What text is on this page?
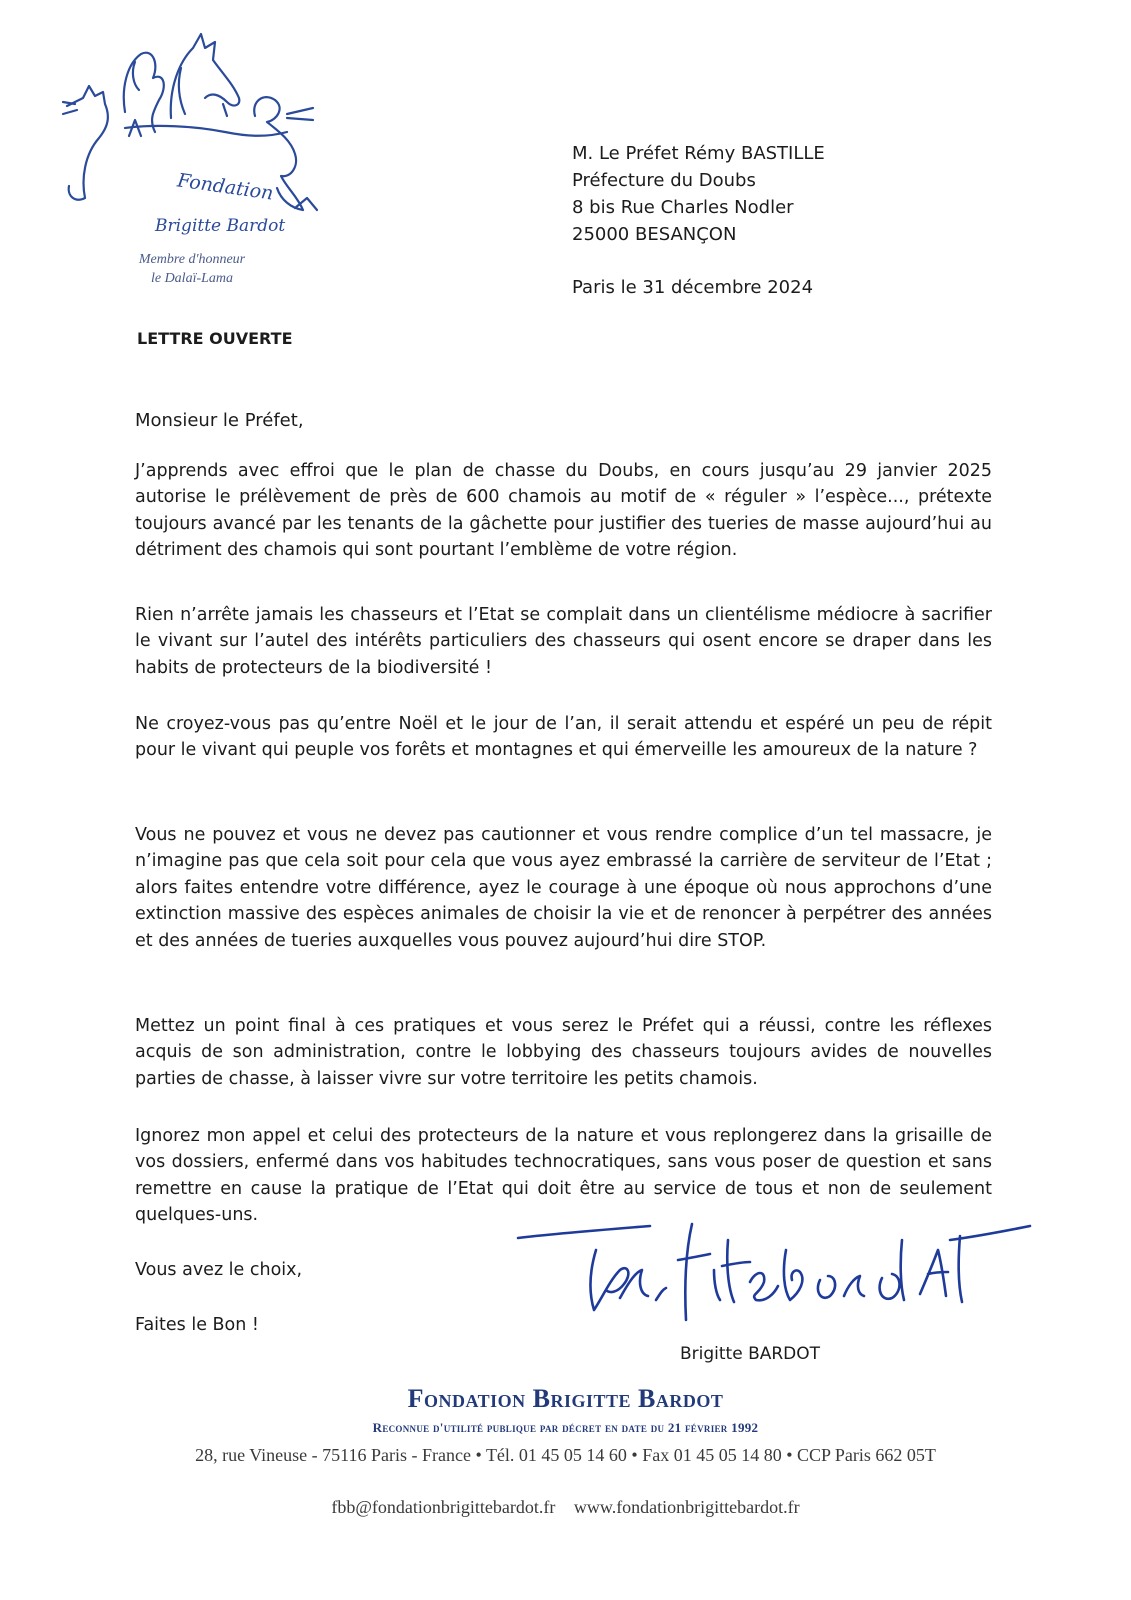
Fondation
Brigitte Bardot
Membre d'honneur
le Dalaï-Lama
M. Le Préfet Rémy BASTILLE
Préfecture du Doubs
8 bis Rue Charles Nodler
25000 BESANÇON
Paris le 31 décembre 2024
LETTRE OUVERTE
Monsieur le Préfet,

J’apprends avec effroi que le plan de chasse du Doubs, en cours jusqu’au 29 janvier 2025 autorise le prélèvement de près de 600 chamois au motif de « réguler » l’espèce..., prétexte toujours avancé par les tenants de la gâchette pour justifier des tueries de masse aujourd’hui au détriment des chamois qui sont pourtant l’emblème de votre région.

Rien n’arrête jamais les chasseurs et l’Etat se complait dans un clientélisme médiocre à sacrifier le vivant sur l’autel des intérêts particuliers des chasseurs qui osent encore se draper dans les habits de protecteurs de la biodiversité !

Ne croyez-vous pas qu’entre Noël et le jour de l’an, il serait attendu et espéré un peu de répit pour le vivant qui peuple vos forêts et montagnes et qui émerveille les amoureux de la nature ?

Vous ne pouvez et vous ne devez pas cautionner et vous rendre complice d’un tel massacre, je n’imagine pas que cela soit pour cela que vous ayez embrassé la carrière de serviteur de l’Etat ; alors faites entendre votre différence, ayez le courage à une époque où nous approchons d’une extinction massive des espèces animales de choisir la vie et de renoncer à perpétrer des années et des années de tueries auxquelles vous pouvez aujourd’hui dire STOP.

Mettez un point final à ces pratiques et vous serez le Préfet qui a réussi, contre les réflexes acquis de son administration, contre le lobbying des chasseurs toujours avides de nouvelles parties de chasse, à laisser vivre sur votre territoire les petits chamois.

Ignorez mon appel et celui des protecteurs de la nature et vous replongerez dans la grisaille de vos dossiers, enfermé dans vos habitudes technocratiques, sans vous poser de question et sans remettre en cause la pratique de l’Etat qui doit être au service de tous et non de seulement quelques-uns.

Vous avez le choix,
Faites le Bon !
Brigitte BARDOT
Fondation Brigitte Bardot
Reconnue d'utilité publique par décret en date du 21 février 1992
28, rue Vineuse - 75116 Paris - France • Tél. 01 45 05 14 60 • Fax 01 45 05 14 80 • CCP Paris 662 05T
fbb@fondationbrigittebardot.fr www.fondationbrigittebardot.fr
